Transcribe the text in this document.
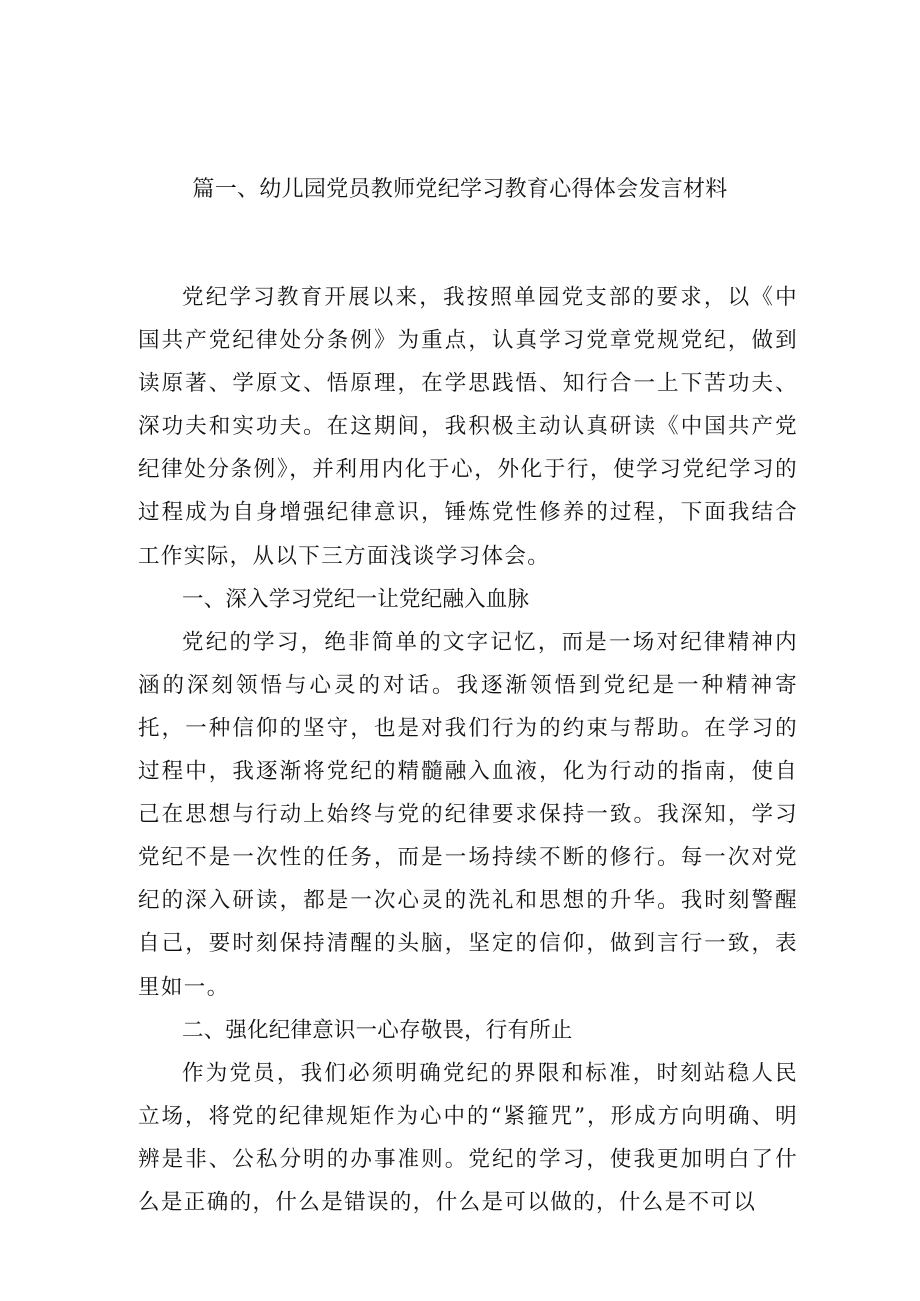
篇一、幼儿园党员教师党纪学习教育心得体会发言材料

党纪学习教育开展以来，我按照单园党支部的要求，以《中国共产党纪律处分条例》为重点，认真学习党章党规党纪，做到读原著、学原文、悟原理，在学思践悟、知行合一上下苦功夫、深功夫和实功夫。在这期间，我积极主动认真研读《中国共产党纪律处分条例》，并利用内化于心，外化于行，使学习党纪学习的过程成为自身增强纪律意识，锤炼党性修养的过程，下面我结合工作实际，从以下三方面浅谈学习体会。

一、深入学习党纪一让党纪融入血脉

党纪的学习，绝非简单的文字记忆，而是一场对纪律精神内涵的深刻领悟与心灵的对话。我逐渐领悟到党纪是一种精神寄托，一种信仰的坚守，也是对我们行为的约束与帮助。在学习的过程中，我逐渐将党纪的精髓融入血液，化为行动的指南，使自己在思想与行动上始终与党的纪律要求保持一致。我深知，学习党纪不是一次性的任务，而是一场持续不断的修行。每一次对党纪的深入研读，都是一次心灵的洗礼和思想的升华。我时刻警醒自己，要时刻保持清醒的头脑，坚定的信仰，做到言行一致，表里如一。

二、强化纪律意识一心存敬畏，行有所止

作为党员，我们必须明确党纪的界限和标准，时刻站稳人民立场，将党的纪律规矩作为心中的“紧箍咒”，形成方向明确、明辨是非、公私分明的办事准则。党纪的学习，使我更加明白了什么是正确的，什么是错误的，什么是可以做的，什么是不可以
